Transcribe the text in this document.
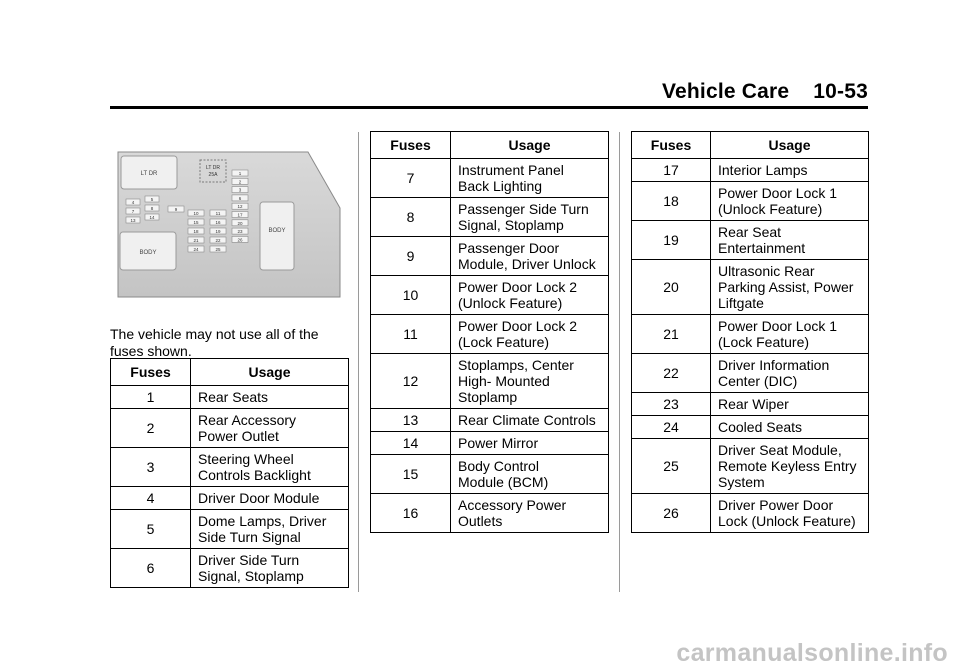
Vehicle Care 10-53
LT DR
LT DR
25A
BODY
BODY
1
2
3
6
12
17
20
23
26
4
5
7
8
13
14
9
10
15
18
21
24
11
16
19
22
25
The vehicle may not use all of the fuses shown.
Fuses	Usage
1	Rear Seats
2	Rear Accessory
Power Outlet
3	Steering Wheel
Controls Backlight
4	Driver Door Module
5	Dome Lamps, Driver
Side Turn Signal
6	Driver Side Turn
Signal, Stoplamp
Fuses	Usage
7	Instrument Panel
Back Lighting
8	Passenger Side Turn
Signal, Stoplamp
9	Passenger Door
Module, Driver Unlock
10	Power Door Lock 2
(Unlock Feature)
11	Power Door Lock 2
(Lock Feature)
12	Stoplamps, Center
High- Mounted
Stoplamp
13	Rear Climate Controls
14	Power Mirror
15	Body Control
Module (BCM)
16	Accessory Power
Outlets
Fuses	Usage
17	Interior Lamps
18	Power Door Lock 1
(Unlock Feature)
19	Rear Seat
Entertainment
20	Ultrasonic Rear
Parking Assist, Power
Liftgate
21	Power Door Lock 1
(Lock Feature)
22	Driver Information
Center (DIC)
23	Rear Wiper
24	Cooled Seats
25	Driver Seat Module,
Remote Keyless Entry
System
26	Driver Power Door
Lock (Unlock Feature)
carmanualsonline.info
